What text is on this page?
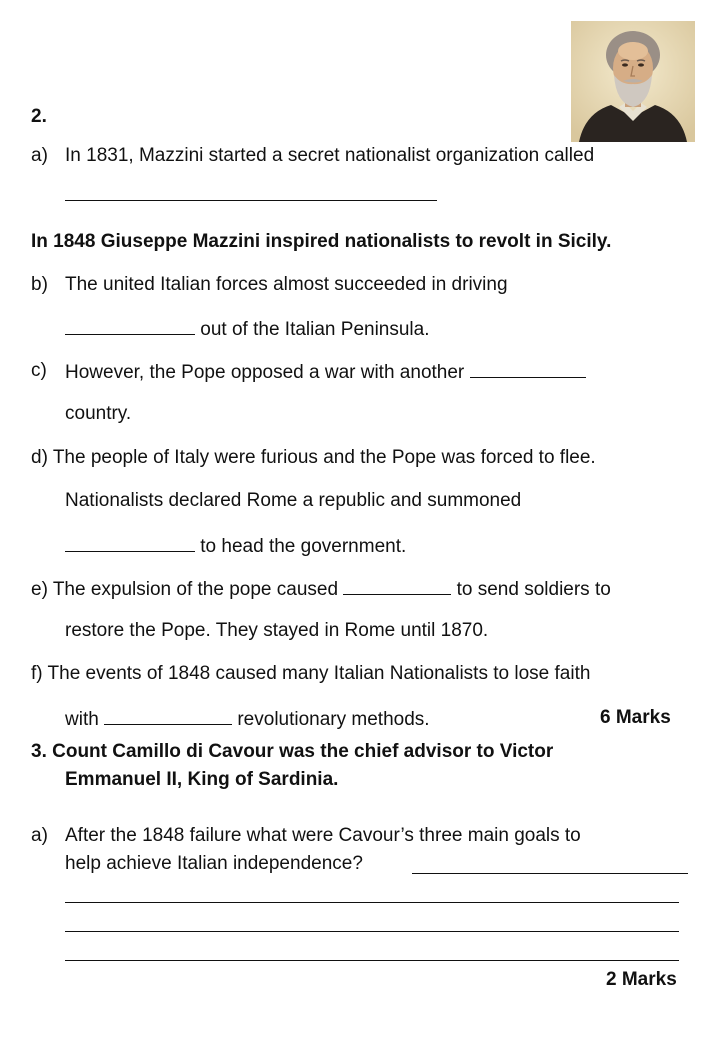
2.
a) In 1831, Mazzini started a secret nationalist organization called
In 1848 Giuseppe Mazzini inspired nationalists to revolt in Sicily.
b) The united Italian forces almost succeeded in driving
out of the Italian Peninsula.
c) However, the Pope opposed a war with another
country.
d) The people of Italy were furious and the Pope was forced to flee.
Nationalists declared Rome a republic and summoned
to head the government.
e) The expulsion of the pope caused	to send soldiers to
restore the Pope. They stayed in Rome until 1870.
f) The events of 1848 caused many Italian Nationalists to lose faith
with	revolutionary methods.	6 Marks
3. Count Camillo di Cavour was the chief advisor to Victor
Emmanuel II, King of Sardinia.
a) After the 1848 failure what were Cavour’s three main goals to
help achieve Italian independence?
2 Marks
